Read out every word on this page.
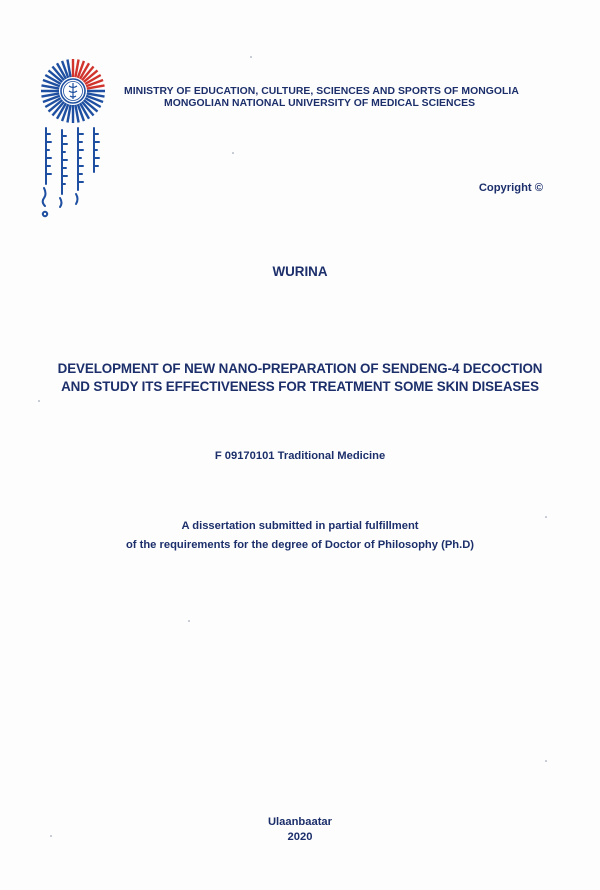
MINISTRY OF EDUCATION, CULTURE, SCIENCES AND SPORTS OF MONGOLIA
MONGOLIAN NATIONAL UNIVERSITY OF MEDICAL SCIENCES
Copyright ©
WURINA
DEVELOPMENT OF NEW NANO-PREPARATION OF SENDENG-4 DECOCTION
AND STUDY ITS EFFECTIVENESS FOR TREATMENT SOME SKIN DISEASES
F 09170101 Traditional Medicine
A dissertation submitted in partial fulfillment
of the requirements for the degree of Doctor of Philosophy (Ph.D)
Ulaanbaatar
2020
